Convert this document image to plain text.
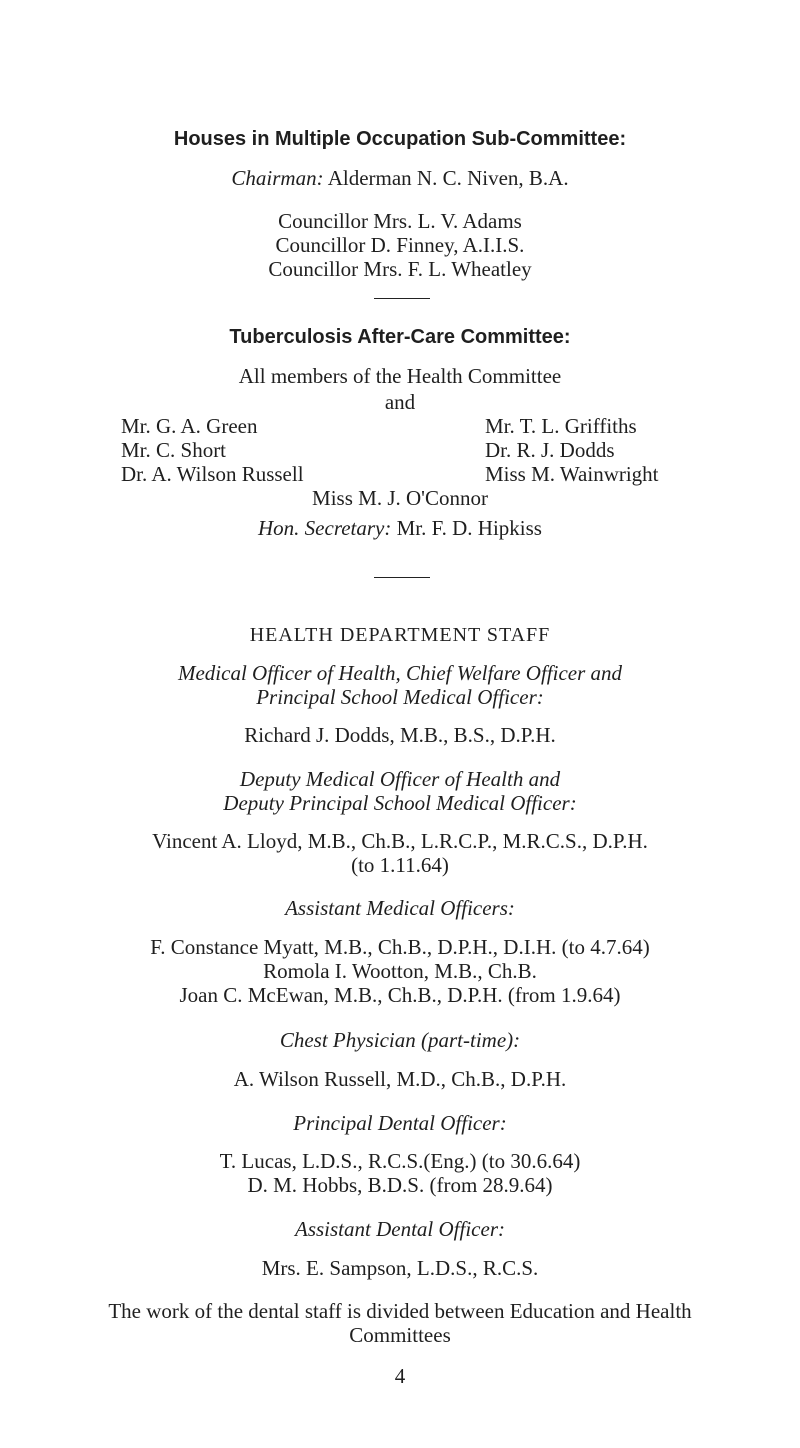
Houses in Multiple Occupation Sub-Committee:
Chairman: Alderman N. C. Niven, B.A.
Councillor Mrs. L. V. Adams
Councillor D. Finney, A.I.I.S.
Councillor Mrs. F. L. Wheatley
Tuberculosis After-Care Committee:
All members of the Health Committee
and
Mr. G. A. Green
Mr. C. Short
Dr. A. Wilson Russell
Mr. T. L. Griffiths
Dr. R. J. Dodds
Miss M. Wainwright
Miss M. J. O'Connor
Hon. Secretary: Mr. F. D. Hipkiss
HEALTH DEPARTMENT STAFF
Medical Officer of Health, Chief Welfare Officer and
Principal School Medical Officer:
Richard J. Dodds, M.B., B.S., D.P.H.
Deputy Medical Officer of Health and
Deputy Principal School Medical Officer:
Vincent A. Lloyd, M.B., Ch.B., L.R.C.P., M.R.C.S., D.P.H.
(to 1.11.64)
Assistant Medical Officers:
F. Constance Myatt, M.B., Ch.B., D.P.H., D.I.H. (to 4.7.64)
Romola I. Wootton, M.B., Ch.B.
Joan C. McEwan, M.B., Ch.B., D.P.H. (from 1.9.64)
Chest Physician (part-time):
A. Wilson Russell, M.D., Ch.B., D.P.H.
Principal Dental Officer:
T. Lucas, L.D.S., R.C.S.(Eng.) (to 30.6.64)
D. M. Hobbs, B.D.S. (from 28.9.64)
Assistant Dental Officer:
Mrs. E. Sampson, L.D.S., R.C.S.
The work of the dental staff is divided between Education and Health
Committees
4
